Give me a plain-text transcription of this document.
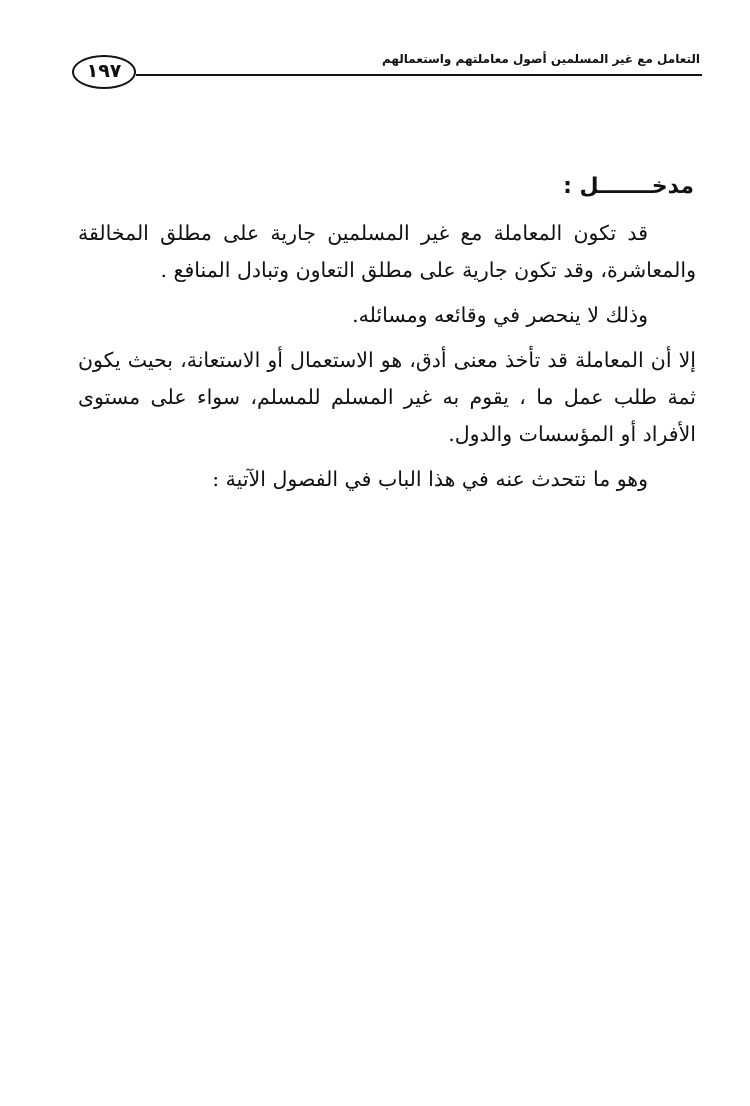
التعامل مع غير المسلمين أصول معاملتهم واستعمالهم
١٩٧
مدخـــــــل :

قد تكون المعاملة مع غير المسلمين جارية على مطلق المخالقة والمعاشرة، وقد تكون جارية على مطلق التعاون وتبادل المنافع .

وذلك لا ينحصر في وقائعه ومسائله.

إلا أن المعاملة قد تأخذ معنى أدق، هو الاستعمال أو الاستعانة، بحيث يكون ثمة طلب عمل ما ، يقوم به غير المسلم للمسلم، سواء على مستوى الأفراد أو المؤسسات والدول.

وهو ما نتحدث عنه في هذا الباب في الفصول الآتية :
